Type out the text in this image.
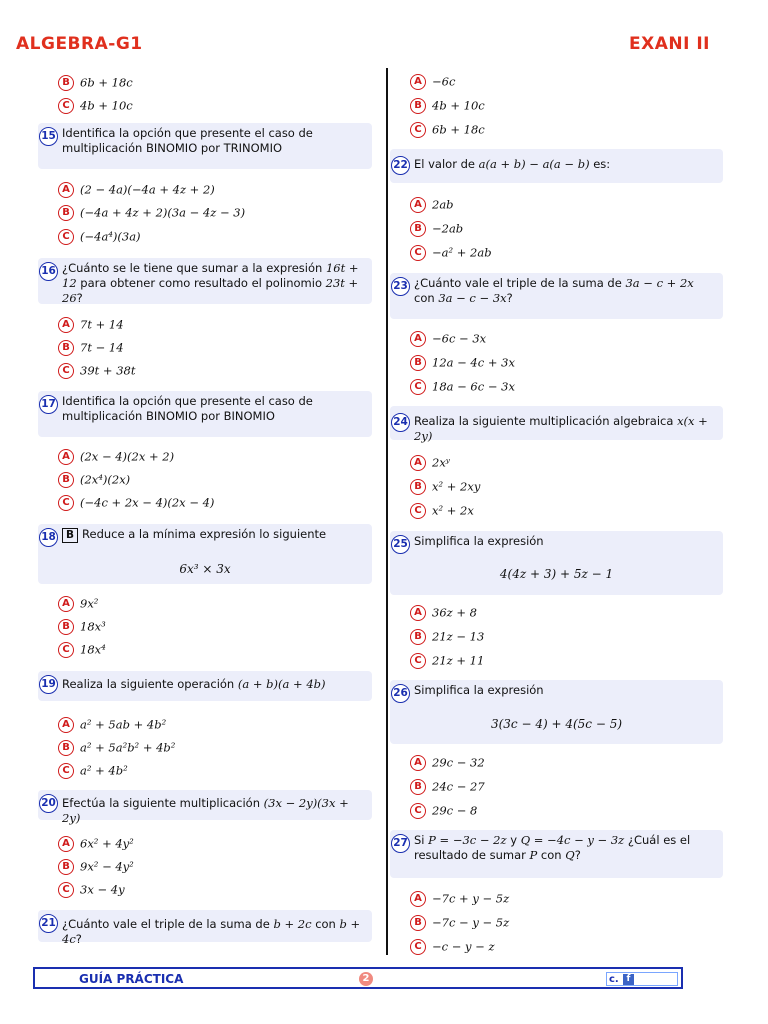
ALGEBRA-G1	EXANI II
B 6b + 18c
C 4b + 10c
15 Identifica la opción que presente el caso de multiplicación BINOMIO por TRINOMIO
A (2 − 4a)(−4a + 4z + 2)
B (−4a + 4z + 2)(3a − 4z − 3)
C (−4a⁴)(3a)
16 ¿Cuánto se le tiene que sumar a la expresión 16t + 12 para obtener como resultado el polinomio 23t + 26?
A 7t + 14
B 7t − 14
C 39t + 38t
17 Identifica la opción que presente el caso de multiplicación BINOMIO por BINOMIO
A (2x − 4)(2x + 2)
B (2x⁴)(2x)
C (−4c + 2x − 4)(2x − 4)
18 B Reduce a la mínima expresión lo siguiente
6x³ × 3x
A 9x²
B 18x³
C 18x⁴
19 Realiza la siguiente operación (a + b)(a + 4b)
A a² + 5ab + 4b²
B a² + 5a²b² + 4b²
C a² + 4b²
20 Efectúa la siguiente multiplicación (3x − 2y)(3x + 2y)
A 6x² + 4y²
B 9x² − 4y²
C 3x − 4y
21 ¿Cuánto vale el triple de la suma de b + 2c con b + 4c?
A −6c
B 4b + 10c
C 6b + 18c
22 El valor de a(a + b) − a(a − b) es:
A 2ab
B −2ab
C −a² + 2ab
23 ¿Cuánto vale el triple de la suma de 3a − c + 2x con 3a − c − 3x?
A −6c − 3x
B 12a − 4c + 3x
C 18a − 6c − 3x
24 Realiza la siguiente multiplicación algebraica x(x + 2y)
A 2xʸ
B x² + 2xy
C x² + 2x
25 Simplifica la expresión
4(4z + 3) + 5z − 1
A 36z + 8
B 21z − 13
C 21z + 11
26 Simplifica la expresión
3(3c − 4) + 4(5c − 5)
A 29c − 32
B 24c − 27
C 29c − 8
27 Si P = −3c − 2z y Q = −4c − y − 3z ¿Cuál es el resultado de sumar P con Q?
A −7c + y − 5z
B −7c − y − 5z
C −c − y − z
GUÍA PRÁCTICA	2	c. f
